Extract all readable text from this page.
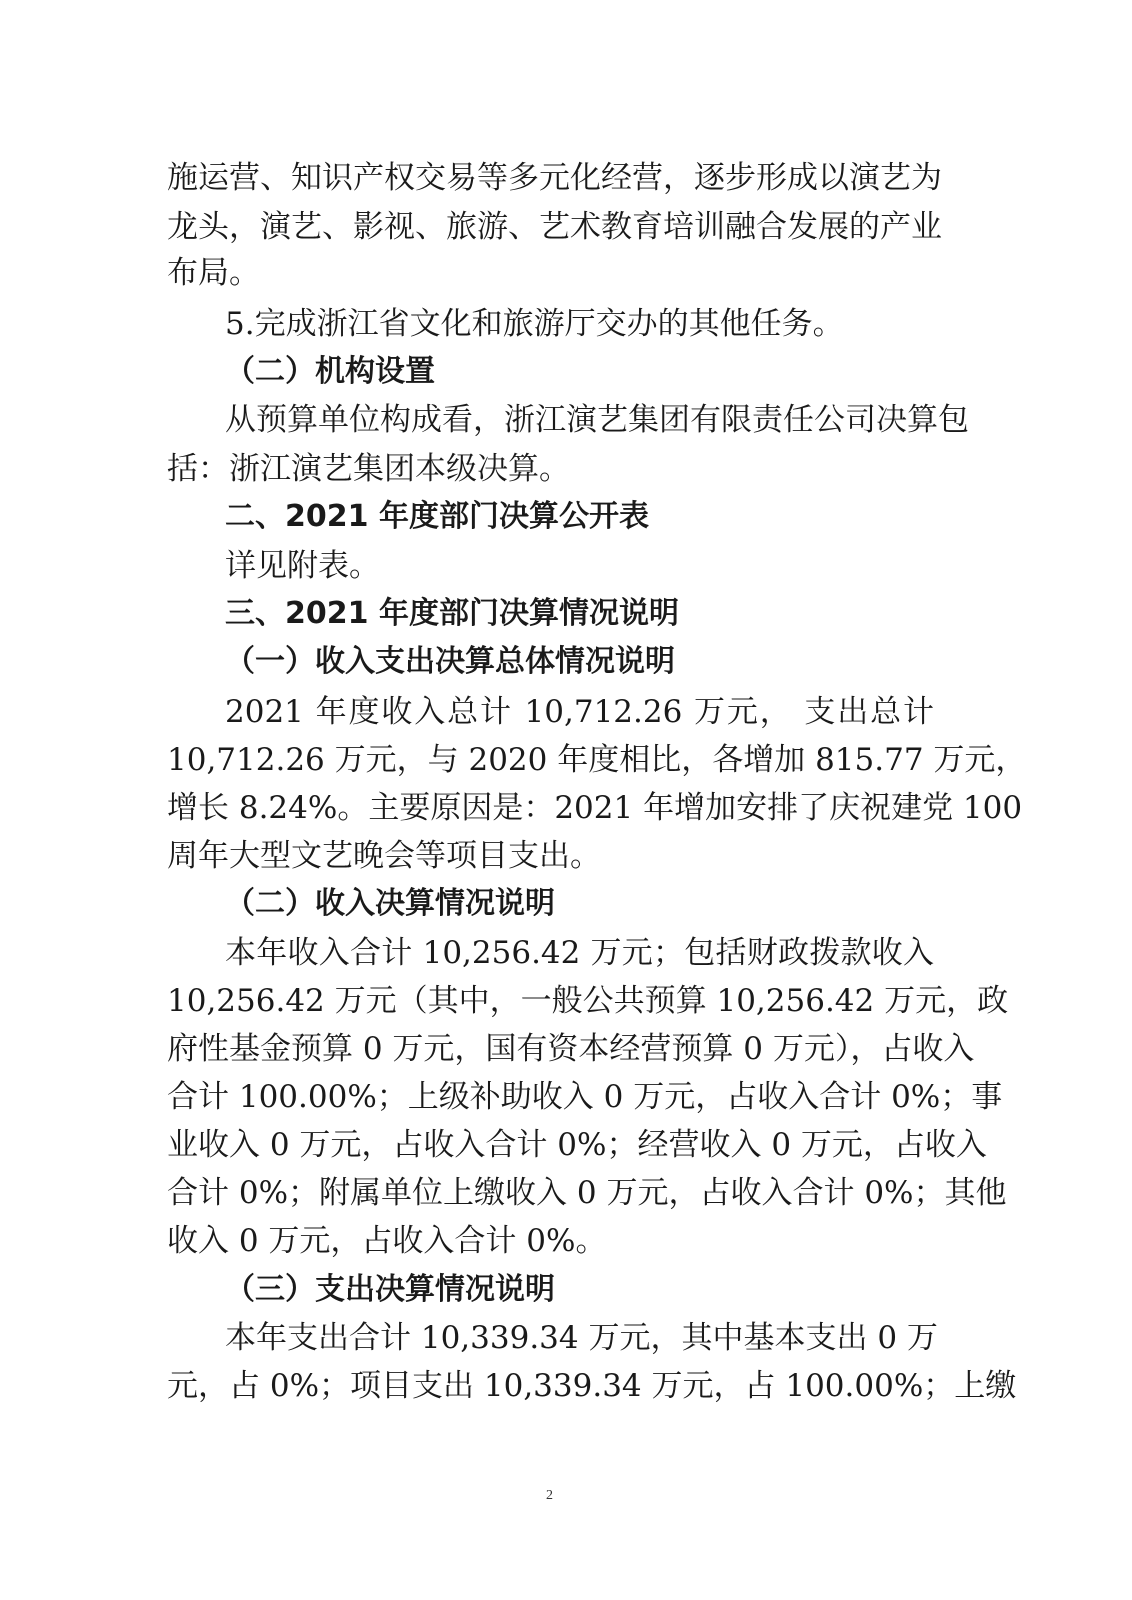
施运营、知识产权交易等多元化经营，逐步形成以演艺为
龙头，演艺、影视、旅游、艺术教育培训融合发展的产业
布局。
5.完成浙江省文化和旅游厅交办的其他任务。
（二）机构设置
从预算单位构成看，浙江演艺集团有限责任公司决算包
括：浙江演艺集团本级决算。
二、2021 年度部门决算公开表
详见附表。
三、2021 年度部门决算情况说明
（一）收入支出决算总体情况说明
2021 年度收入总计 10,712.26 万元， 支出总计
10,712.26 万元，与 2020 年度相比，各增加 815.77 万元，
增长 8.24%。主要原因是：2021 年增加安排了庆祝建党 100
周年大型文艺晚会等项目支出。
（二）收入决算情况说明
本年收入合计 10,256.42 万元；包括财政拨款收入
10,256.42 万元（其中，一般公共预算 10,256.42 万元，政
府性基金预算 0 万元，国有资本经营预算 0 万元），占收入
合计 100.00%；上级补助收入 0 万元，占收入合计 0%；事
业收入 0 万元，占收入合计 0%；经营收入 0 万元，占收入
合计 0%；附属单位上缴收入 0 万元，占收入合计 0%；其他
收入 0 万元，占收入合计 0%。
（三）支出决算情况说明
本年支出合计 10,339.34 万元，其中基本支出 0 万
元，占 0%；项目支出 10,339.34 万元，占 100.00%；上缴
2
